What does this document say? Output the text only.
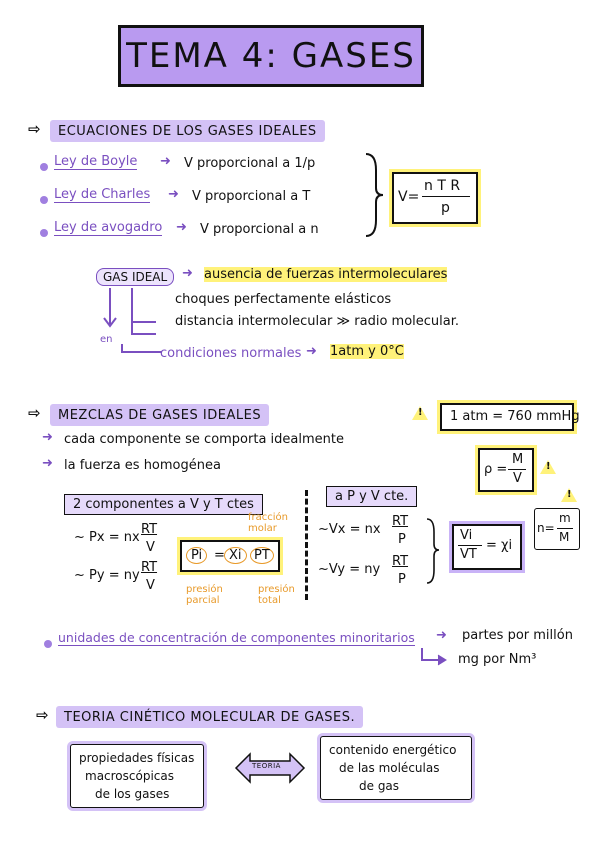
TEMA 4: GASES
⇨ ECUACIONES DE LOS GASES IDEALES
Ley de Boyle ➜ V proporcional a 1/p
Ley de Charles ➜ V proporcional a T
Ley de avogadro ➜ V proporcional a n
V=
n T R
p
GAS IDEAL	➜ ausencia de fuerzas intermoleculares
choques perfectamente elásticos
distancia intermolecular ≫ radio molecular.
en
condiciones normales ➜ 1atm y 0°C
⇨ MEZCLAS DE GASES IDEALES	! 1 atm = 760 mmHg
➜ cada componente se comporta idealmente
➜ la fuerza es homogénea	ρ =
M
V
!
2 componentes a V y T ctes
~ Px = nx
RT
V
~ Py = ny
RT
V
Pi = Xi PT
fracción molar
presión parcial
presión total
a P y V cte.
~Vx = nx
RT
P
~Vy = ny
RT
P
Vi
VT
= χi
!
n=
m
M
unidades de concentración de componentes minoritarios ➜ partes por millón
mg por Nm³
⇨ TEORIA CINÉTICO MOLECULAR DE GASES.
propiedades físicas
macroscópicas
de los gases
TEORIA
contenido energético
de las moléculas
de gas
